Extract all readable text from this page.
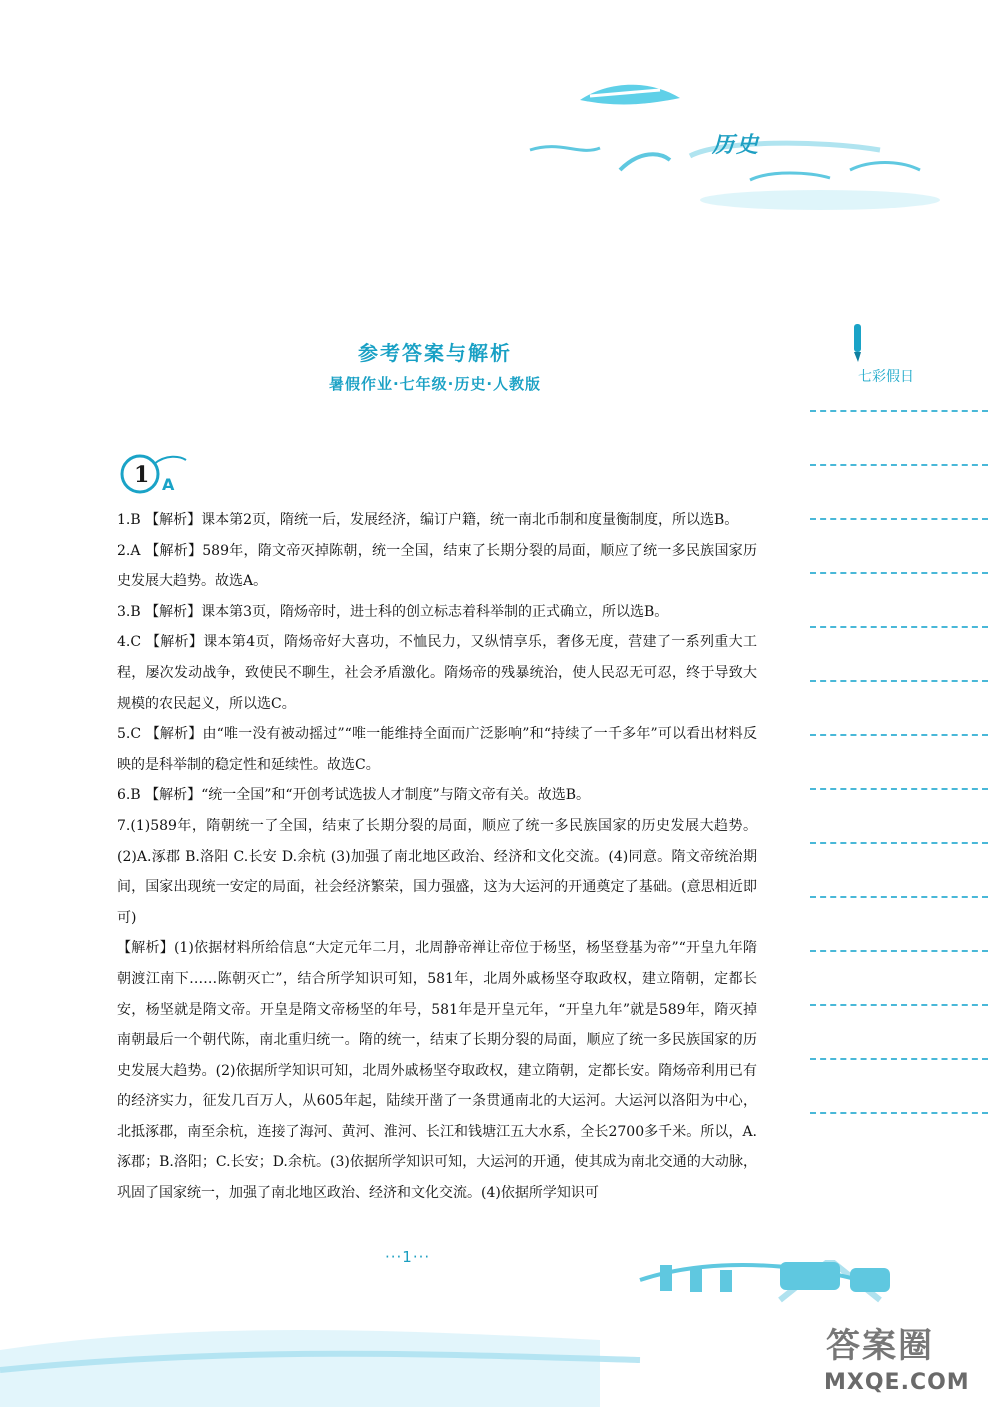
历史
参考答案与解析
暑假作业·七年级·历史·人教版	七彩假日
1 A

1.B 【解析】课本第2页，隋统一后，发展经济，编订户籍，统一南北币制和度量衡制度，所以选B。

2.A 【解析】589年，隋文帝灭掉陈朝，统一全国，结束了长期分裂的局面，顺应了统一多民族国家历史发展大趋势。故选A。

3.B 【解析】课本第3页，隋炀帝时，进士科的创立标志着科举制的正式确立，所以选B。

4.C 【解析】课本第4页，隋炀帝好大喜功，不恤民力，又纵情享乐，奢侈无度，营建了一系列重大工程，屡次发动战争，致使民不聊生，社会矛盾激化。隋炀帝的残暴统治，使人民忍无可忍，终于导致大规模的农民起义，所以选C。

5.C 【解析】由“唯一没有被动摇过”“唯一能维持全面而广泛影响”和“持续了一千多年”可以看出材料反映的是科举制的稳定性和延续性。故选C。

6.B 【解析】“统一全国”和“开创考试选拔人才制度”与隋文帝有关。故选B。

7.(1)589年，隋朝统一了全国，结束了长期分裂的局面，顺应了统一多民族国家的历史发展大趋势。(2)A.涿郡 B.洛阳 C.长安 D.余杭 (3)加强了南北地区政治、经济和文化交流。(4)同意。隋文帝统治期间，国家出现统一安定的局面，社会经济繁荣，国力强盛，这为大运河的开通奠定了基础。(意思相近即可)

【解析】(1)依据材料所给信息“大定元年二月，北周静帝禅让帝位于杨坚，杨坚登基为帝”“开皇九年隋朝渡江南下……陈朝灭亡”，结合所学知识可知，581年，北周外戚杨坚夺取政权，建立隋朝，定都长安，杨坚就是隋文帝。开皇是隋文帝杨坚的年号，581年是开皇元年，“开皇九年”就是589年，隋灭掉南朝最后一个朝代陈，南北重归统一。隋的统一，结束了长期分裂的局面，顺应了统一多民族国家的历史发展大趋势。(2)依据所学知识可知，北周外戚杨坚夺取政权，建立隋朝，定都长安。隋炀帝利用已有的经济实力，征发几百万人，从605年起，陆续开凿了一条贯通南北的大运河。大运河以洛阳为中心，北抵涿郡，南至余杭，连接了海河、黄河、淮河、长江和钱塘江五大水系，全长2700多千米。所以，A.涿郡；B.洛阳；C.长安；D.余杭。(3)依据所学知识可知，大运河的开通，使其成为南北交通的大动脉，巩固了国家统一，加强了南北地区政治、经济和文化交流。(4)依据所学知识可

···1···
答案圈
MXQE.COM
